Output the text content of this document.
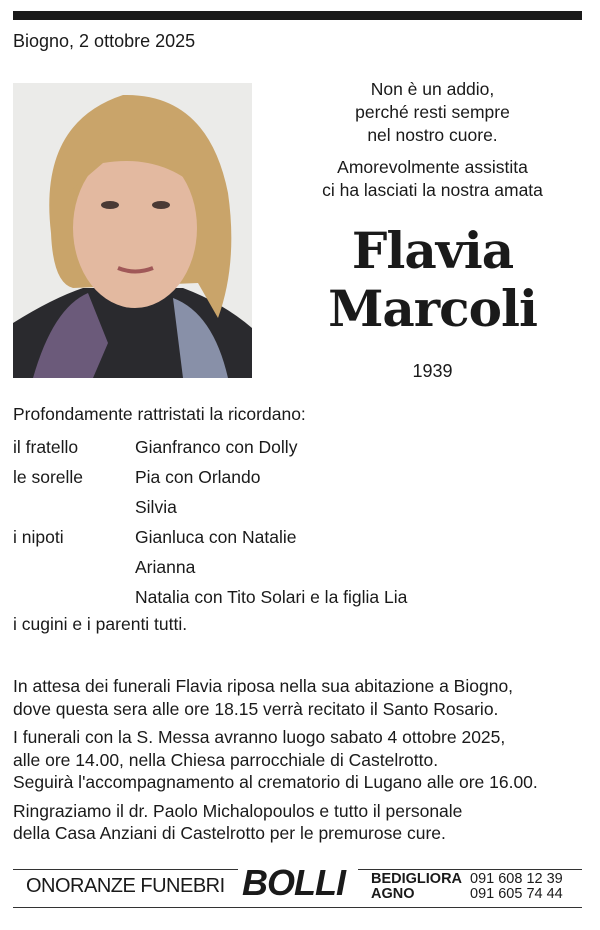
Biogno, 2 ottobre 2025
Non è un addio,
perché resti sempre
nel nostro cuore.
Amorevolmente assistita
ci ha lasciati la nostra amata
Flavia
Marcoli
1939
Profondamente rattristati la ricordano:
il fratello	Gianfranco con Dolly
le sorelle	Pia con Orlando
Silvia
i nipoti	Gianluca con Natalie
Arianna
Natalia con Tito Solari e la figlia Lia
i cugini e i parenti tutti.

In attesa dei funerali Flavia riposa nella sua abitazione a Biogno,
dove questa sera alle ore 18.15 verrà recitato il Santo Rosario.

I funerali con la S. Messa avranno luogo sabato 4 ottobre 2025,
alle ore 14.00, nella Chiesa parrocchiale di Castelrotto.
Seguirà l'accompagnamento al crematorio di Lugano alle ore 16.00.

Ringraziamo il dr. Paolo Michalopoulos e tutto il personale
della Casa Anziani di Castelrotto per le premurose cure.

ONORANZE FUNEBRI BOLLI BEDIGLIORA 091 608 12 39
AGNO	091 605 74 44
